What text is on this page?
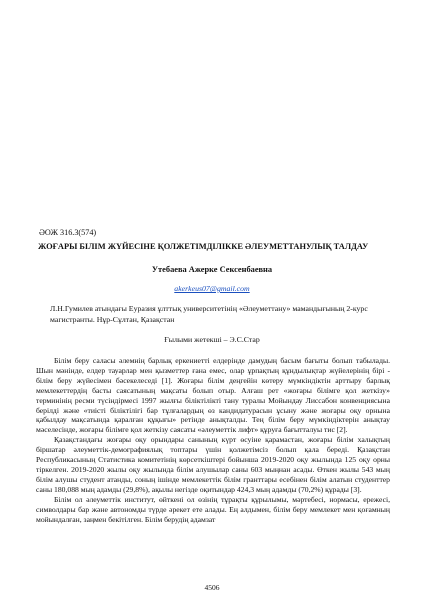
ӘОЖ 316.3(574)
ЖОҒАРЫ БІЛІМ ЖҮЙЕСІНЕ ҚОЛЖЕТІМДІЛІККЕ ӘЛЕУМЕТТАНУЛЫҚ ТАЛДАУ
Утебаева Ажерке Сексенбаевна
akerkeus07@gmail.com
Л.Н.Гумилев атындағы Еуразия ұлттық университетінің «Әлеуметтану» мамандығының 2-курс магистранты. Нұр-Сұлтан, Қазақстан
Ғылыми жетекші – Э.С.Стар

Білім беру саласы әлемнің барлық еркениетті елдерінде дамудың басым бағыты болып табылады. Шын мәнінде, елдер тауарлар мен қызметтер ғана емес, олар ұрпақтың құндылықтар жүйелерінің бірі - білім беру жүйесімен бәсекелеседі [1]. Жоғары білім деңгейін көтеру мүмкіндіктін арттыру барлық мемлекеттердің басты саясатының мақсаты болып отыр. Алғаш рет «жоғары білімге қол жеткізу» терминінің ресми түсіндірмесі 1997 жылғы біліктілікті тану туралы Мойындау Лиссабон конвенциясына берілді және «тиісті біліктілігі бар тұлғалардың өз кандидатурасын ұсыну және жоғары оқу орнына қабылдау мақсатында қаралған құқығы» ретінде анықталды. Тең білім беру мүмкіндіктерін анықтау мәселесінде, жоғары білімге қол жеткізу саясаты «әлеуметтік лифт» құруға бағытталуы тис [2].

Қазақстандағы жоғары оқу орындары санының күрт өсуіне қарамастан, жоғары білім халықтың біршатар әлеуметтік-демографиялық топтары үшін қолжетімсіз болып қала береді. Қазақстан Республикасының Статистика комитетінің көрсеткіштері бойынша 2019-2020 оқу жылында 125 оқу орны тіркелген. 2019-2020 жылы оқу жылында білім алушылар саны 603 мыңнан асады. Өткен жылы 543 мың білім алушы студент атанды, соның ішінде мемлекеттік білім гранттары есебінен білім алатын студенттер саны 180,088 мың адамды (29,8%), ақылы негізде оқитындар 424,3 мың адамды (70,2%) құрады [3].

Білім ол әлеуметтік институт, өйткені ол өзінің тұрақты құрылымы, мәртебесі, нормасы, ережесі, символдары бар және автономды түрде әрекет ете алады. Ең алдымен, білім беру мемлекет мен қоғамның мойындалған, заңмен бекітілген. Білім берудің адамзат

4506
